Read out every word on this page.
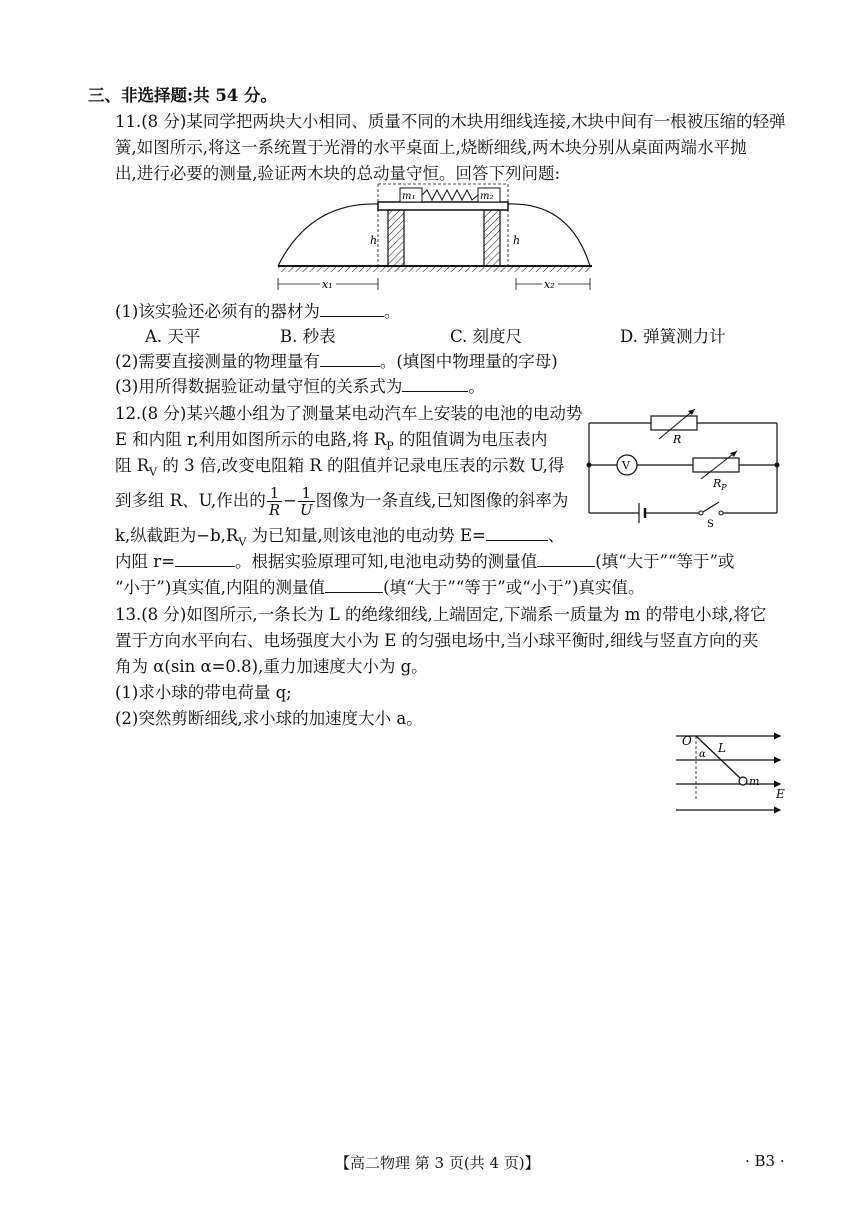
三、非选择题:共 54 分。
11.(8 分)某同学把两块大小相同、质量不同的木块用细线连接,木块中间有一根被压缩的轻弹
簧,如图所示,将这一系统置于光滑的水平桌面上,烧断细线,两木块分别从桌面两端水平抛
出,进行必要的测量,验证两木块的总动量守恒。回答下列问题:
m₁	m₂
h	h
x₁	x₂
(1)该实验还必须有的器材为	。
A. 天平	B. 秒表	C. 刻度尺	D. 弹簧测力计
(2)需要直接测量的物理量有	。(填图中物理量的字母)
(3)用所得数据验证动量守恒的关系式为	。
12.(8 分)某兴趣小组为了测量某电动汽车上安装的电池的电动势
E 和内阻 r,利用如图所示的电路,将 $R_P$ 的阻值调为电压表内
阻 $R_V$ 的 3 倍,改变电阻箱 R 的阻值并记录电压表的示数 U,得
到多组 R、U,作出的 $\frac{1}{R} - \frac{1}{U}$ 图像为一条直线,已知图像的斜率为
k,纵截距为$-b,R_V$ 为已知量,则该电池的电动势 E=	、
内阻 r=	。根据实验原理可知,电池电动势的测量值	(填“大于”“等于”或
“小于”)真实值,内阻的测量值	(填“大于”“等于”或“小于”)真实值。
R
V
$R_P$
S
13.(8 分)如图所示,一条长为 L 的绝缘细线,上端固定,下端系一质量为 m 的带电小球,将它
置于方向水平向右、电场强度大小为 E 的匀强电场中,当小球平衡时,细线与竖直方向的夹
角为 α(sin α=0.8),重力加速度大小为 g。
(1)求小球的带电荷量 q;
(2)突然剪断细线,求小球的加速度大小 a。
O
α L
m
E
【高二物理 第 3 页(共 4 页)】	· B3 ·
